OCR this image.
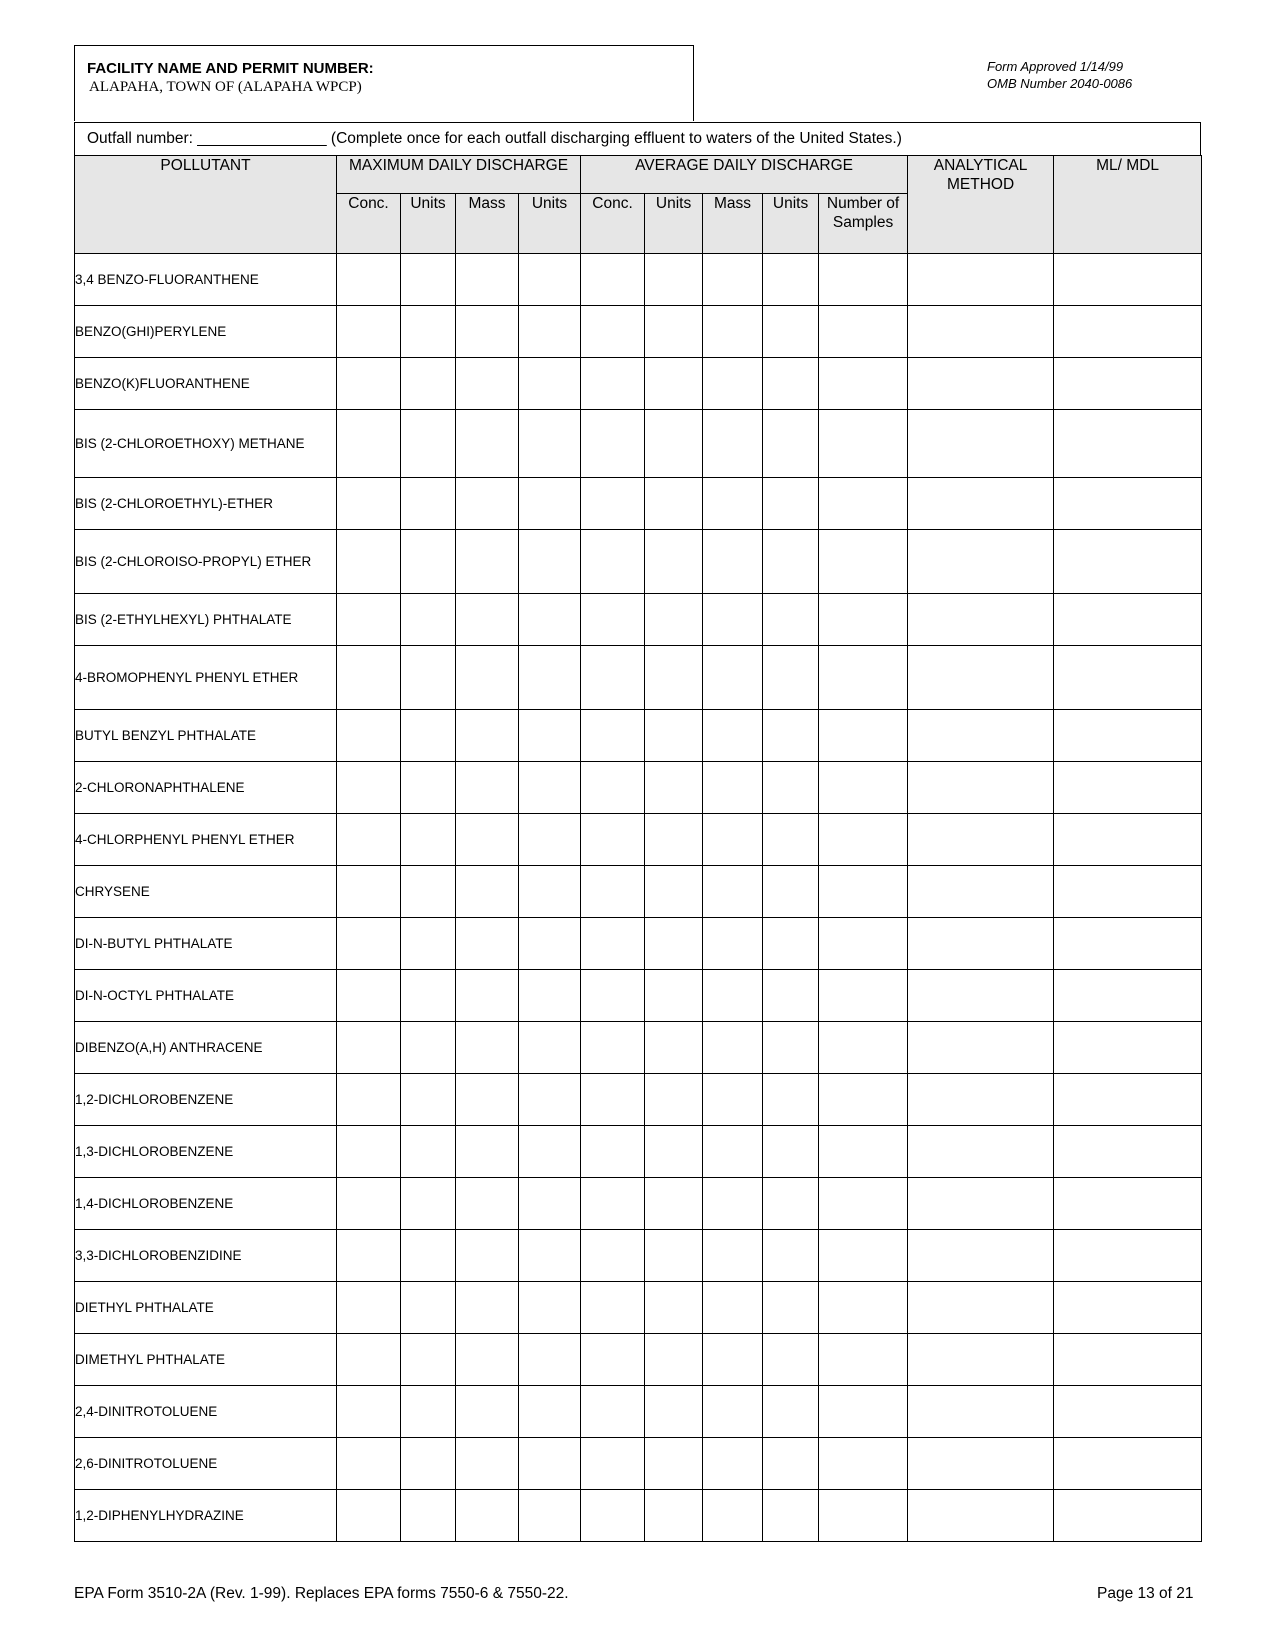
FACILITY NAME AND PERMIT NUMBER:
ALAPAHA, TOWN OF (ALAPAHA WPCP)
Form Approved 1/14/99
OMB Number 2040-0086
Outfall number: _______________ (Complete once for each outfall discharging effluent to waters of the United States.)
POLLUTANT	MAXIMUM DAILY DISCHARGE				AVERAGE DAILY DISCHARGE					ANALYTICAL METHOD	ML/ MDL
	Conc.	Units	Mass	Units	Conc.	Units	Mass	Units	Number of Samples		
3,4 BENZO-FLUORANTHENE											
BENZO(GHI)PERYLENE											
BENZO(K)FLUORANTHENE											
BIS (2-CHLOROETHOXY) METHANE											
BIS (2-CHLOROETHYL)-ETHER											
BIS (2-CHLOROISO-PROPYL) ETHER											
BIS (2-ETHYLHEXYL) PHTHALATE											
4-BROMOPHENYL PHENYL ETHER											
BUTYL BENZYL PHTHALATE											
2-CHLORONAPHTHALENE											
4-CHLORPHENYL PHENYL ETHER											
CHRYSENE											
DI-N-BUTYL PHTHALATE											
DI-N-OCTYL PHTHALATE											
DIBENZO(A,H) ANTHRACENE											
1,2-DICHLOROBENZENE											
1,3-DICHLOROBENZENE											
1,4-DICHLOROBENZENE											
3,3-DICHLOROBENZIDINE											
DIETHYL PHTHALATE											
DIMETHYL PHTHALATE											
2,4-DINITROTOLUENE											
2,6-DINITROTOLUENE											
1,2-DIPHENYLHYDRAZINE											
EPA Form 3510-2A (Rev. 1-99). Replaces EPA forms 7550-6 & 7550-22.	Page 13 of 21
